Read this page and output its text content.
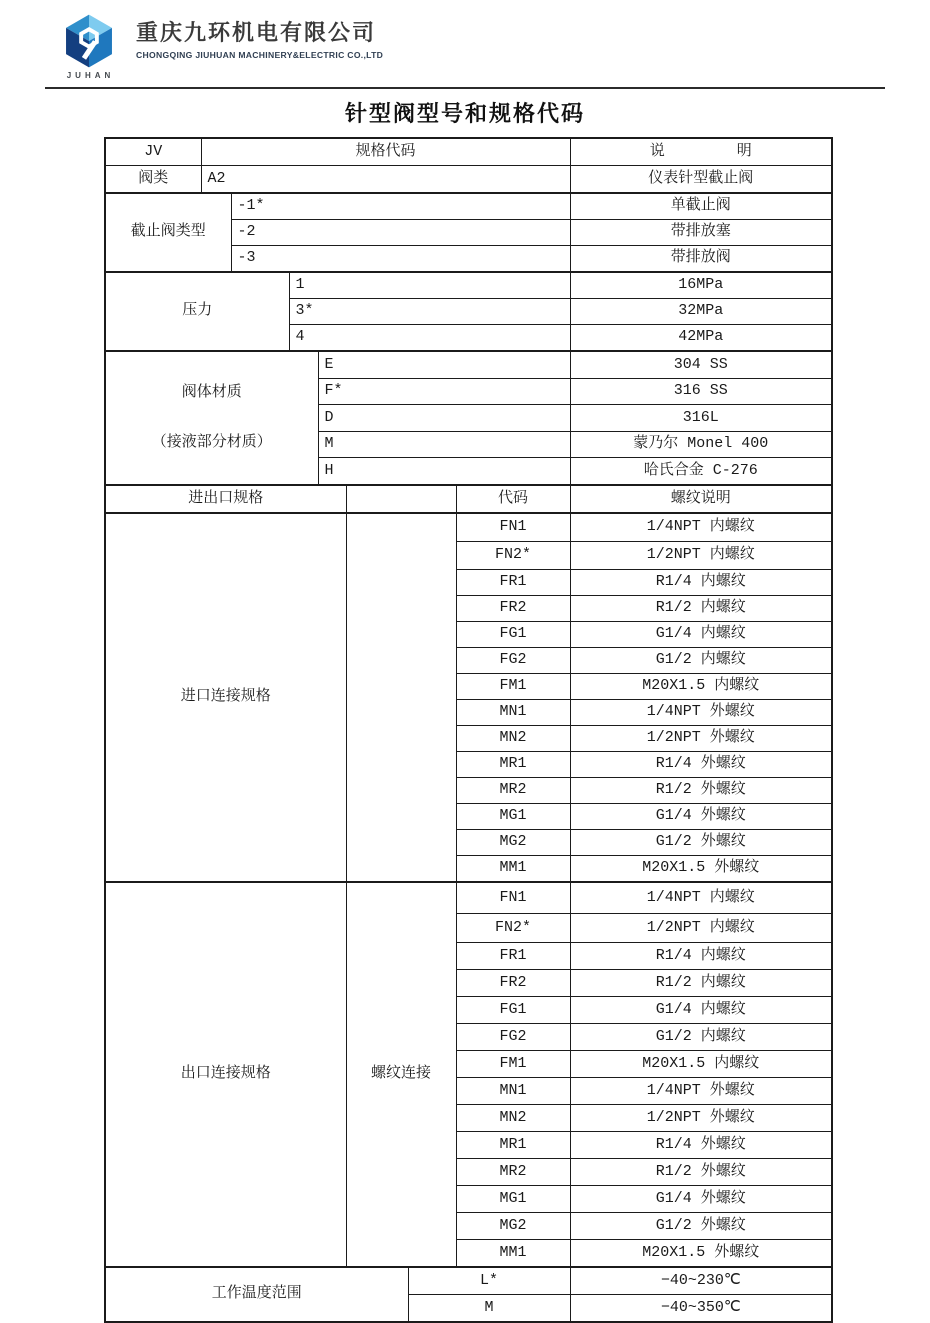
JUHAN
重庆九环机电有限公司
CHONGQING JIUHUAN MACHINERY&ELECTRIC CO.,LTD
针型阀型号和规格代码
JV	规格代码							说        明
阀类	A2							仪表针型截止阀
截止阀类型		-1*						单截止阀
		-2						带排放塞
		-3						带排放阀
压力			1					16MPa
			3*					32MPa
			4					42MPa

阀体材质

（接液部分材质）				E				304 SS
				F*				316 SS
				D				316L
				M				蒙乃尔 Monel 400
				H				哈氏合金 C-276
进出口规格							代码	螺纹说明
进口连接规格							FN1	1/4NPT 内螺纹
							FN2*	1/2NPT 内螺纹
							FR1	R1/4 内螺纹
							FR2	R1/2 内螺纹
							FG1	G1/4 内螺纹
							FG2	G1/2 内螺纹
							FM1	M20X1.5 内螺纹
							MN1	1/4NPT 外螺纹
							MN2	1/2NPT 外螺纹
							MR1	R1/4 外螺纹
							MR2	R1/2 外螺纹
							MG1	G1/4 外螺纹
							MG2	G1/2 外螺纹
							MM1	M20X1.5 外螺纹
出口连接规格					螺纹连接		FN1	1/4NPT 内螺纹
							FN2*	1/2NPT 内螺纹
							FR1	R1/4 内螺纹
							FR2	R1/2 内螺纹
							FG1	G1/4 内螺纹
							FG2	G1/2 内螺纹
							FM1	M20X1.5 内螺纹
							MN1	1/4NPT 外螺纹
							MN2	1/2NPT 外螺纹
							MR1	R1/4 外螺纹
							MR2	R1/2 外螺纹
							MG1	G1/4 外螺纹
							MG2	G1/2 外螺纹
							MM1	M20X1.5 外螺纹
工作温度范围						L*		−40~230℃
						M		−40~350℃
